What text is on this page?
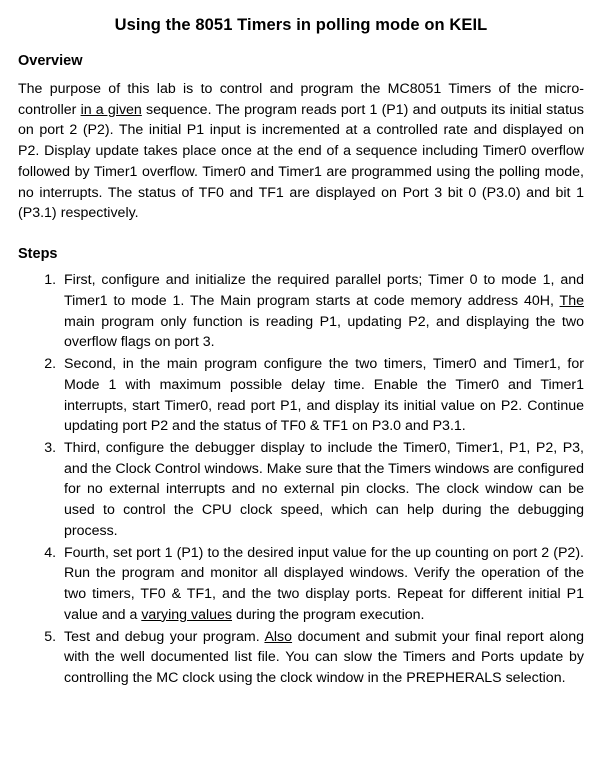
Using the 8051 Timers in polling mode on KEIL
Overview

The purpose of this lab is to control and program the MC8051 Timers of the micro-controller in a given sequence. The program reads port 1 (P1) and outputs its initial status on port 2 (P2). The initial P1 input is incremented at a controlled rate and displayed on P2. Display update takes place once at the end of a sequence including Timer0 overflow followed by Timer1 overflow. Timer0 and Timer1 are programmed using the polling mode, no interrupts. The status of TF0 and TF1 are displayed on Port 3 bit 0 (P3.0) and bit 1 (P3.1) respectively.

Steps
1. First, configure and initialize the required parallel ports; Timer 0 to mode 1, and Timer1 to mode 1. The Main program starts at code memory address 40H, The main program only function is reading P1, updating P2, and displaying the two overflow flags on port 3.
2. Second, in the main program configure the two timers, Timer0 and Timer1, for Mode 1 with maximum possible delay time. Enable the Timer0 and Timer1 interrupts, start Timer0, read port P1, and display its initial value on P2. Continue updating port P2 and the status of TF0 & TF1 on P3.0 and P3.1.
3. Third, configure the debugger display to include the Timer0, Timer1, P1, P2, P3, and the Clock Control windows. Make sure that the Timers windows are configured for no external interrupts and no external pin clocks. The clock window can be used to control the CPU clock speed, which can help during the debugging process.
4. Fourth, set port 1 (P1) to the desired input value for the up counting on port 2 (P2). Run the program and monitor all displayed windows. Verify the operation of the two timers, TF0 & TF1, and the two display ports. Repeat for different initial P1 value and a varying values during the program execution.
5. Test and debug your program. Also document and submit your final report along with the well documented list file. You can slow the Timers and Ports update by controlling the MC clock using the clock window in the PREPHERALS selection.
